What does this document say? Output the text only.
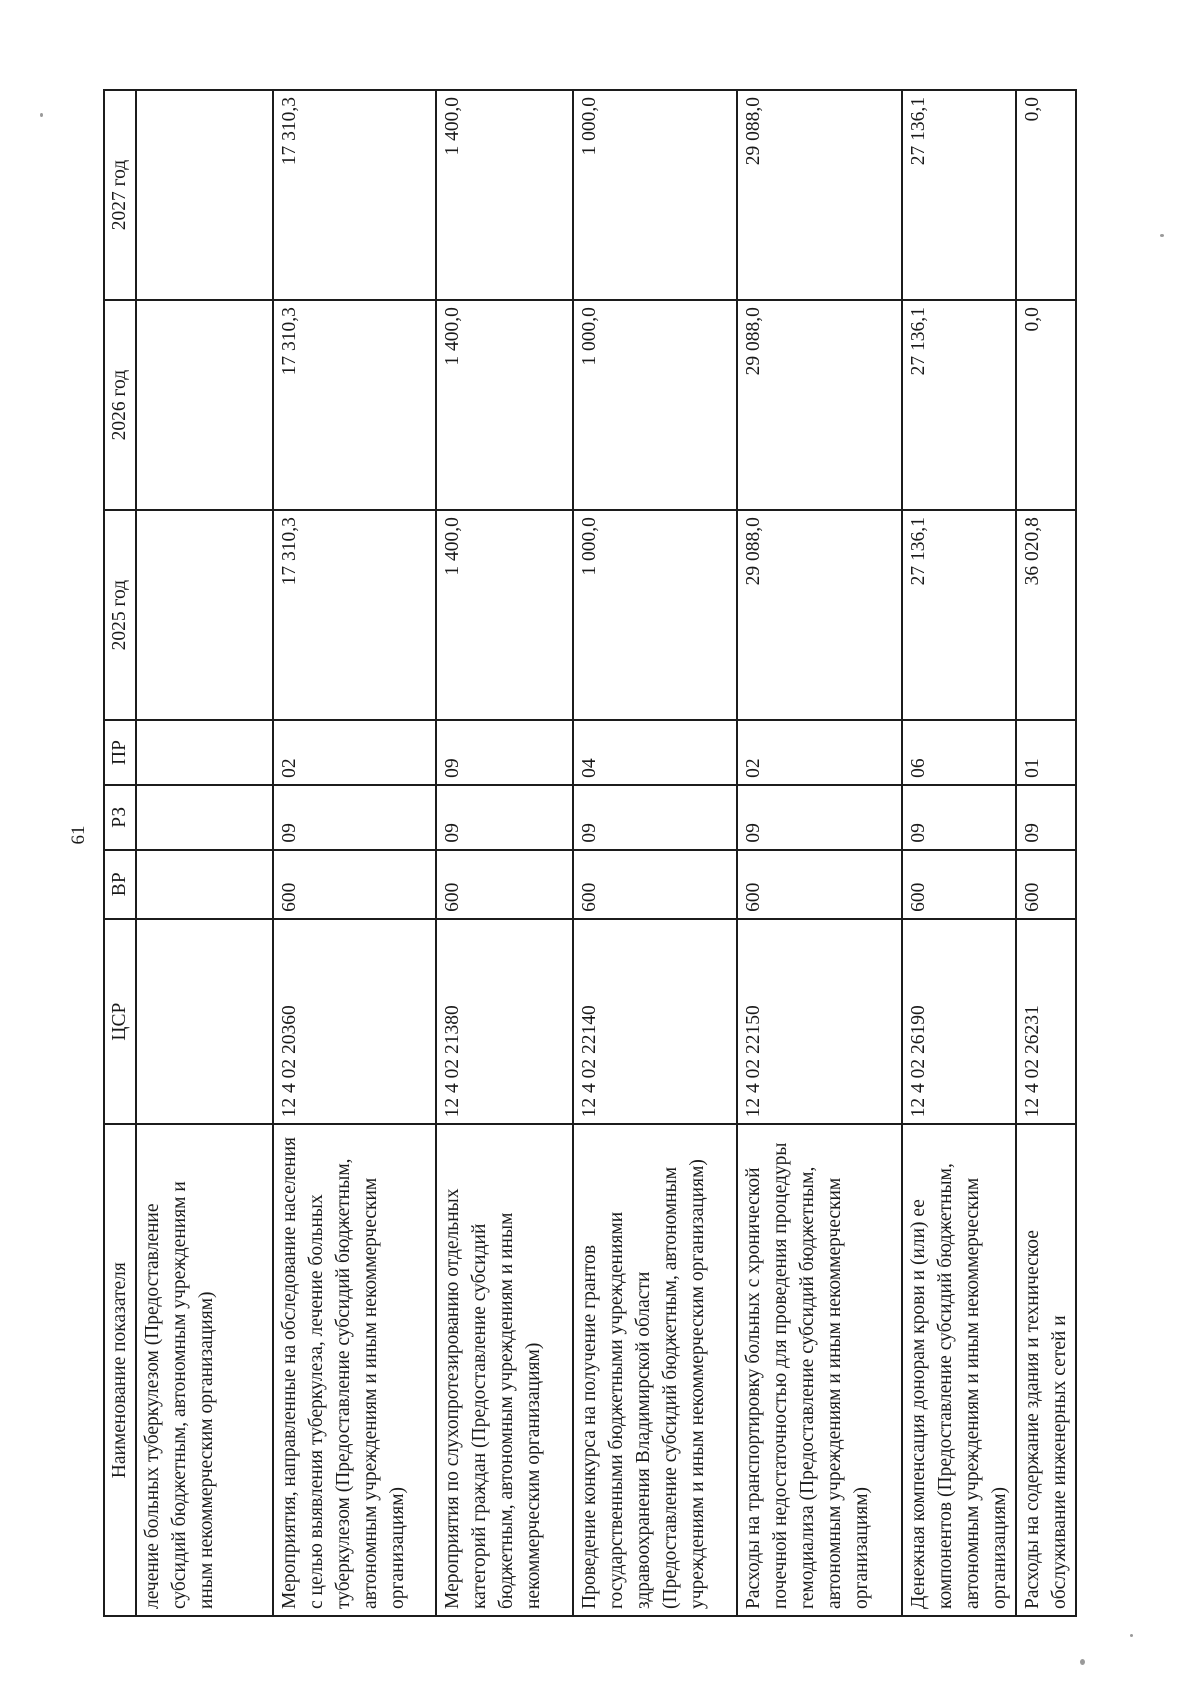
61
Наименование показателя	ЦСР	ВР	РЗ	ПР	2025 год	2026 год	2027 год
лечение больных туберкулезом (Предоставление субсидий бюджетным, автономным учреждениям и иным некоммерческим организациям)							
Мероприятия, направленные на обследование населения с целью выявления туберкулеза, лечение больных туберкулезом (Предоставление субсидий бюджетным, автономным учреждениям и иным некоммерческим организациям)	12 4 02 20360	600	09	02	17 310,3	17 310,3	17 310,3
Мероприятия по слухопротезированию отдельных категорий граждан (Предоставление субсидий бюджетным, автономным учреждениям и иным некоммерческим организациям)	12 4 02 21380	600	09	09	1 400,0	1 400,0	1 400,0
Проведение конкурса на получение грантов государственными бюджетными учреждениями здравоохранения Владимирской области (Предоставление субсидий бюджетным, автономным учреждениям и иным некоммерческим организациям)	12 4 02 22140	600	09	04	1 000,0	1 000,0	1 000,0
Расходы на транспортировку больных с хронической почечной недостаточностью для проведения процедуры гемодиализа (Предоставление субсидий бюджетным, автономным учреждениям и иным некоммерческим организациям)	12 4 02 22150	600	09	02	29 088,0	29 088,0	29 088,0
Денежная компенсация донорам крови и (или) ее компонентов (Предоставление субсидий бюджетным, автономным учреждениям и иным некоммерческим организациям)	12 4 02 26190	600	09	06	27 136,1	27 136,1	27 136,1
Расходы на содержание здания и техническое обслуживание инженерных сетей и	12 4 02 26231	600	09	01	36 020,8	0,0	0,0
